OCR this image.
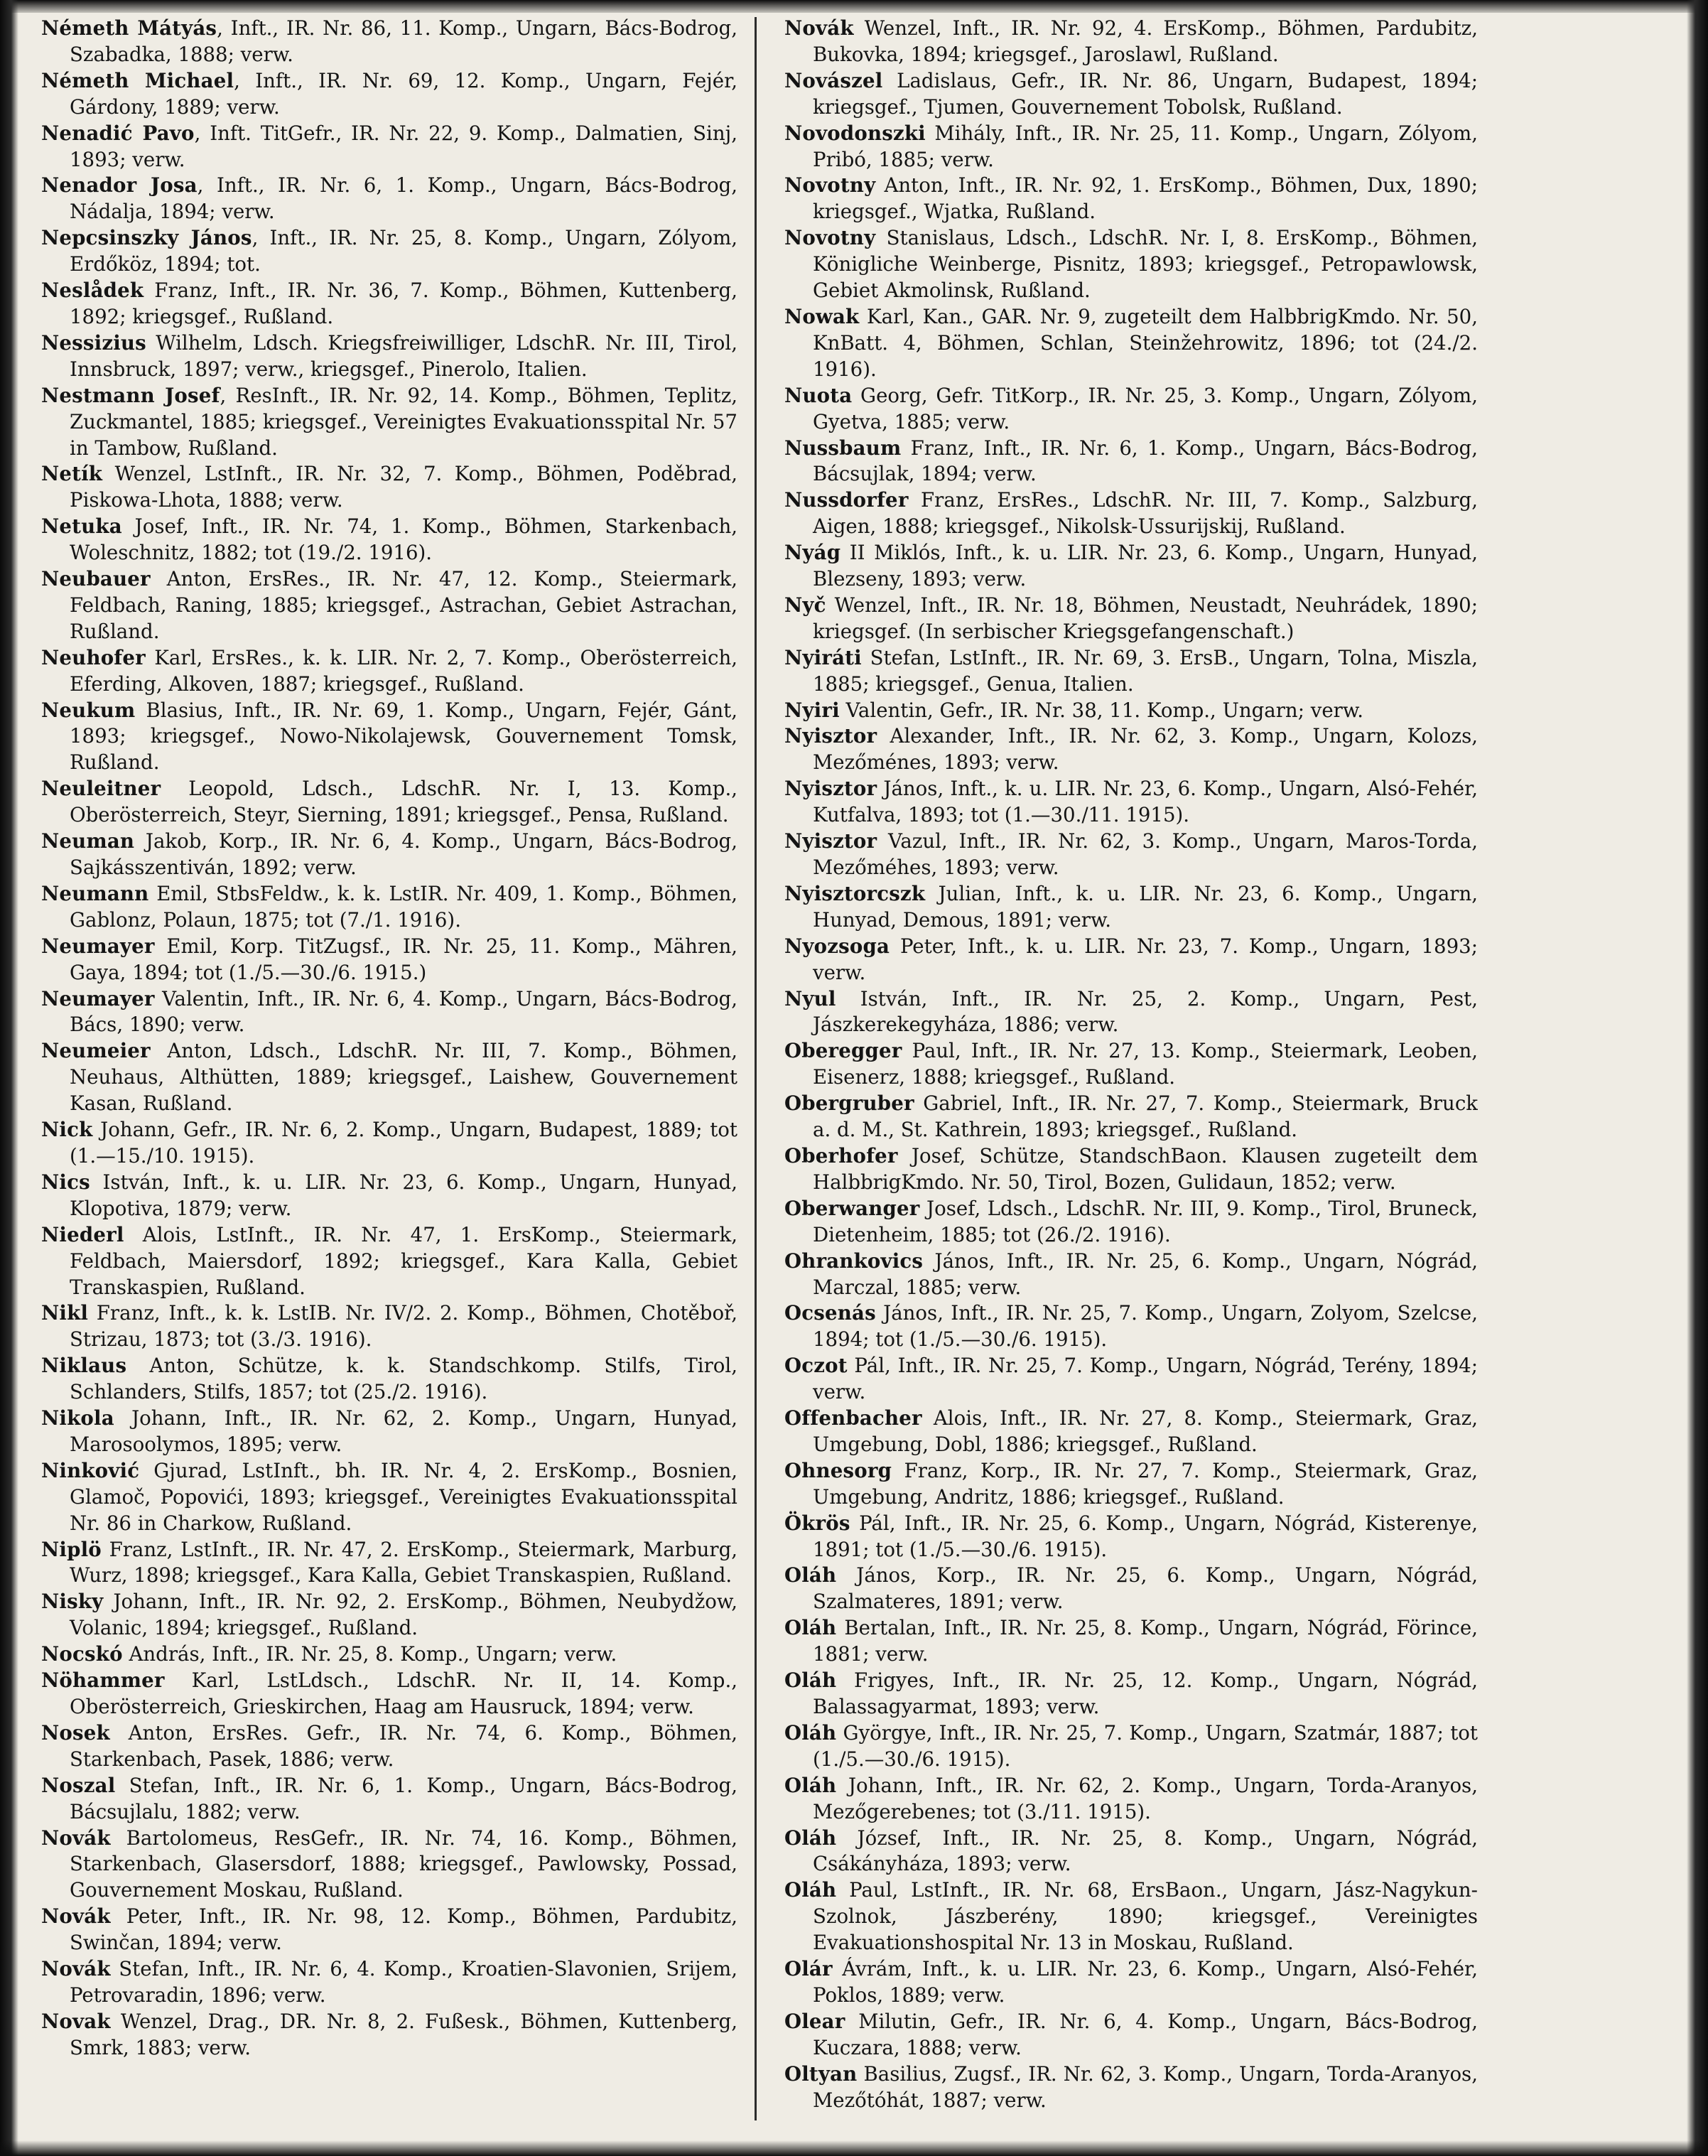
Németh Mátyás, Inft., IR. Nr. 86, 11. Komp., Ungarn, Bács-Bodrog, Szabadka, 1888; verw.

Németh Michael, Inft., IR. Nr. 69, 12. Komp., Ungarn, Fejér, Gárdony, 1889; verw.

Nenadić Pavo, Inft. TitGefr., IR. Nr. 22, 9. Komp., Dalmatien, Sinj, 1893; verw.

Nenador Josa, Inft., IR. Nr. 6, 1. Komp., Ungarn, Bács-Bodrog, Nádalja, 1894; verw.

Nepcsinszky János, Inft., IR. Nr. 25, 8. Komp., Ungarn, Zólyom, Erdőköz, 1894; tot.

Neslådek Franz, Inft., IR. Nr. 36, 7. Komp., Böhmen, Kuttenberg, 1892; kriegsgef., Rußland.

Nessizius Wilhelm, Ldsch. Kriegsfreiwilliger, LdschR. Nr. III, Tirol, Innsbruck, 1897; verw., kriegsgef., Pinerolo, Italien.

Nestmann Josef, ResInft., IR. Nr. 92, 14. Komp., Böhmen, Teplitz, Zuckmantel, 1885; kriegsgef., Vereinigtes Evakuationsspital Nr. 57 in Tambow, Rußland.

Netík Wenzel, LstInft., IR. Nr. 32, 7. Komp., Böhmen, Poděbrad, Piskowa-Lhota, 1888; verw.

Netuka Josef, Inft., IR. Nr. 74, 1. Komp., Böhmen, Starkenbach, Woleschnitz, 1882; tot (19./2. 1916).

Neubauer Anton, ErsRes., IR. Nr. 47, 12. Komp., Steiermark, Feldbach, Raning, 1885; kriegsgef., Astrachan, Gebiet Astrachan, Rußland.

Neuhofer Karl, ErsRes., k. k. LIR. Nr. 2, 7. Komp., Oberösterreich, Eferding, Alkoven, 1887; kriegsgef., Rußland.

Neukum Blasius, Inft., IR. Nr. 69, 1. Komp., Ungarn, Fejér, Gánt, 1893; kriegsgef., Nowo-Nikolajewsk, Gouvernement Tomsk, Rußland.

Neuleitner Leopold, Ldsch., LdschR. Nr. I, 13. Komp., Oberösterreich, Steyr, Sierning, 1891; kriegsgef., Pensa, Rußland.

Neuman Jakob, Korp., IR. Nr. 6, 4. Komp., Ungarn, Bács-Bodrog, Sajkásszentiván, 1892; verw.

Neumann Emil, StbsFeldw., k. k. LstIR. Nr. 409, 1. Komp., Böhmen, Gablonz, Polaun, 1875; tot (7./1. 1916).

Neumayer Emil, Korp. TitZugsf., IR. Nr. 25, 11. Komp., Mähren, Gaya, 1894; tot (1./5.—30./6. 1915.)

Neumayer Valentin, Inft., IR. Nr. 6, 4. Komp., Ungarn, Bács-Bodrog, Bács, 1890; verw.

Neumeier Anton, Ldsch., LdschR. Nr. III, 7. Komp., Böhmen, Neuhaus, Althütten, 1889; kriegsgef., Laishew, Gouvernement Kasan, Rußland.

Nick Johann, Gefr., IR. Nr. 6, 2. Komp., Ungarn, Budapest, 1889; tot (1.—15./10. 1915).

Nics István, Inft., k. u. LIR. Nr. 23, 6. Komp., Ungarn, Hunyad, Klopotiva, 1879; verw.

Niederl Alois, LstInft., IR. Nr. 47, 1. ErsKomp., Steiermark, Feldbach, Maiersdorf, 1892; kriegsgef., Kara Kalla, Gebiet Transkaspien, Rußland.

Nikl Franz, Inft., k. k. LstIB. Nr. IV/2. 2. Komp., Böhmen, Chotěboř, Strizau, 1873; tot (3./3. 1916).

Niklaus Anton, Schütze, k. k. Standschkomp. Stilfs, Tirol, Schlanders, Stilfs, 1857; tot (25./2. 1916).

Nikola Johann, Inft., IR. Nr. 62, 2. Komp., Ungarn, Hunyad, Marosoolymos, 1895; verw.

Ninković Gjurad, LstInft., bh. IR. Nr. 4, 2. ErsKomp., Bosnien, Glamoč, Popovići, 1893; kriegsgef., Vereinigtes Evakuationsspital Nr. 86 in Charkow, Rußland.

Niplö Franz, LstInft., IR. Nr. 47, 2. ErsKomp., Steiermark, Marburg, Wurz, 1898; kriegsgef., Kara Kalla, Gebiet Transkaspien, Rußland.

Nisky Johann, Inft., IR. Nr. 92, 2. ErsKomp., Böhmen, Neubydžow, Volanic, 1894; kriegsgef., Rußland.

Nocskó András, Inft., IR. Nr. 25, 8. Komp., Ungarn; verw.

Nöhammer Karl, LstLdsch., LdschR. Nr. II, 14. Komp., Oberösterreich, Grieskirchen, Haag am Hausruck, 1894; verw.

Nosek Anton, ErsRes. Gefr., IR. Nr. 74, 6. Komp., Böhmen, Starkenbach, Pasek, 1886; verw.

Noszal Stefan, Inft., IR. Nr. 6, 1. Komp., Ungarn, Bács-Bodrog, Bácsujlalu, 1882; verw.

Novák Bartolomeus, ResGefr., IR. Nr. 74, 16. Komp., Böhmen, Starkenbach, Glasersdorf, 1888; kriegsgef., Pawlowsky, Possad, Gouvernement Moskau, Rußland.

Novák Peter, Inft., IR. Nr. 98, 12. Komp., Böhmen, Pardubitz, Swinčan, 1894; verw.

Novák Stefan, Inft., IR. Nr. 6, 4. Komp., Kroatien-Slavonien, Srijem, Petrovaradin, 1896; verw.

Novak Wenzel, Drag., DR. Nr. 8, 2. Fußesk., Böhmen, Kuttenberg, Smrk, 1883; verw.

Novák Wenzel, Inft., IR. Nr. 92, 4. ErsKomp., Böhmen, Pardubitz, Bukovka, 1894; kriegsgef., Jaroslawl, Rußland.

Novászel Ladislaus, Gefr., IR. Nr. 86, Ungarn, Budapest, 1894; kriegsgef., Tjumen, Gouvernement Tobolsk, Rußland.

Novodonszki Mihály, Inft., IR. Nr. 25, 11. Komp., Ungarn, Zólyom, Pribó, 1885; verw.

Novotny Anton, Inft., IR. Nr. 92, 1. ErsKomp., Böhmen, Dux, 1890; kriegsgef., Wjatka, Rußland.

Novotny Stanislaus, Ldsch., LdschR. Nr. I, 8. ErsKomp., Böhmen, Königliche Weinberge, Pisnitz, 1893; kriegsgef., Petropawlowsk, Gebiet Akmolinsk, Rußland.

Nowak Karl, Kan., GAR. Nr. 9, zugeteilt dem HalbbrigKmdo. Nr. 50, KnBatt. 4, Böhmen, Schlan, Steinžehrowitz, 1896; tot (24./2. 1916).

Nuota Georg, Gefr. TitKorp., IR. Nr. 25, 3. Komp., Ungarn, Zólyom, Gyetva, 1885; verw.

Nussbaum Franz, Inft., IR. Nr. 6, 1. Komp., Ungarn, Bács-Bodrog, Bácsujlak, 1894; verw.

Nussdorfer Franz, ErsRes., LdschR. Nr. III, 7. Komp., Salzburg, Aigen, 1888; kriegsgef., Nikolsk-Ussurijskij, Rußland.

Nyág II Miklós, Inft., k. u. LIR. Nr. 23, 6. Komp., Ungarn, Hunyad, Blezseny, 1893; verw.

Nyč Wenzel, Inft., IR. Nr. 18, Böhmen, Neustadt, Neuhrádek, 1890; kriegsgef. (In serbischer Kriegsgefangenschaft.)

Nyiráti Stefan, LstInft., IR. Nr. 69, 3. ErsB., Ungarn, Tolna, Miszla, 1885; kriegsgef., Genua, Italien.

Nyiri Valentin, Gefr., IR. Nr. 38, 11. Komp., Ungarn; verw.

Nyisztor Alexander, Inft., IR. Nr. 62, 3. Komp., Ungarn, Kolozs, Mezőménes, 1893; verw.

Nyisztor János, Inft., k. u. LIR. Nr. 23, 6. Komp., Ungarn, Alsó-Fehér, Kutfalva, 1893; tot (1.—30./11. 1915).

Nyisztor Vazul, Inft., IR. Nr. 62, 3. Komp., Ungarn, Maros-Torda, Mezőméhes, 1893; verw.

Nyisztorcszk Julian, Inft., k. u. LIR. Nr. 23, 6. Komp., Ungarn, Hunyad, Demous, 1891; verw.

Nyozsoga Peter, Inft., k. u. LIR. Nr. 23, 7. Komp., Ungarn, 1893; verw.

Nyul István, Inft., IR. Nr. 25, 2. Komp., Ungarn, Pest, Jászkerekegyháza, 1886; verw.

Oberegger Paul, Inft., IR. Nr. 27, 13. Komp., Steiermark, Leoben, Eisenerz, 1888; kriegsgef., Rußland.

Obergruber Gabriel, Inft., IR. Nr. 27, 7. Komp., Steiermark, Bruck a. d. M., St. Kathrein, 1893; kriegsgef., Rußland.

Oberhofer Josef, Schütze, StandschBaon. Klausen zugeteilt dem HalbbrigKmdo. Nr. 50, Tirol, Bozen, Gulidaun, 1852; verw.

Oberwanger Josef, Ldsch., LdschR. Nr. III, 9. Komp., Tirol, Bruneck, Dietenheim, 1885; tot (26./2. 1916).

Ohrankovics János, Inft., IR. Nr. 25, 6. Komp., Ungarn, Nógrád, Marczal, 1885; verw.

Ocsenás János, Inft., IR. Nr. 25, 7. Komp., Ungarn, Zolyom, Szelcse, 1894; tot (1./5.—30./6. 1915).

Oczot Pál, Inft., IR. Nr. 25, 7. Komp., Ungarn, Nógrád, Terény, 1894; verw.

Offenbacher Alois, Inft., IR. Nr. 27, 8. Komp., Steiermark, Graz, Umgebung, Dobl, 1886; kriegsgef., Rußland.

Ohnesorg Franz, Korp., IR. Nr. 27, 7. Komp., Steiermark, Graz, Umgebung, Andritz, 1886; kriegsgef., Rußland.

Ökrös Pál, Inft., IR. Nr. 25, 6. Komp., Ungarn, Nógrád, Kisterenye, 1891; tot (1./5.—30./6. 1915).

Oláh János, Korp., IR. Nr. 25, 6. Komp., Ungarn, Nógrád, Szalmateres, 1891; verw.

Oláh Bertalan, Inft., IR. Nr. 25, 8. Komp., Ungarn, Nógrád, Förince, 1881; verw.

Oláh Frigyes, Inft., IR. Nr. 25, 12. Komp., Ungarn, Nógrád, Balassagyarmat, 1893; verw.

Oláh Györgye, Inft., IR. Nr. 25, 7. Komp., Ungarn, Szatmár, 1887; tot (1./5.—30./6. 1915).

Oláh Johann, Inft., IR. Nr. 62, 2. Komp., Ungarn, Torda-Aranyos, Mezőgerebenes; tot (3./11. 1915).

Oláh József, Inft., IR. Nr. 25, 8. Komp., Ungarn, Nógrád, Csákányháza, 1893; verw.

Oláh Paul, LstInft., IR. Nr. 68, ErsBaon., Ungarn, Jász-Nagykun-Szolnok, Jászberény, 1890; kriegsgef., Vereinigtes Evakuationshospital Nr. 13 in Moskau, Rußland.

Olár Ávrám, Inft., k. u. LIR. Nr. 23, 6. Komp., Ungarn, Alsó-Fehér, Poklos, 1889; verw.

Olear Milutin, Gefr., IR. Nr. 6, 4. Komp., Ungarn, Bács-Bodrog, Kuczara, 1888; verw.

Oltyan Basilius, Zugsf., IR. Nr. 62, 3. Komp., Ungarn, Torda-Aranyos, Mezőtóhát, 1887; verw.
